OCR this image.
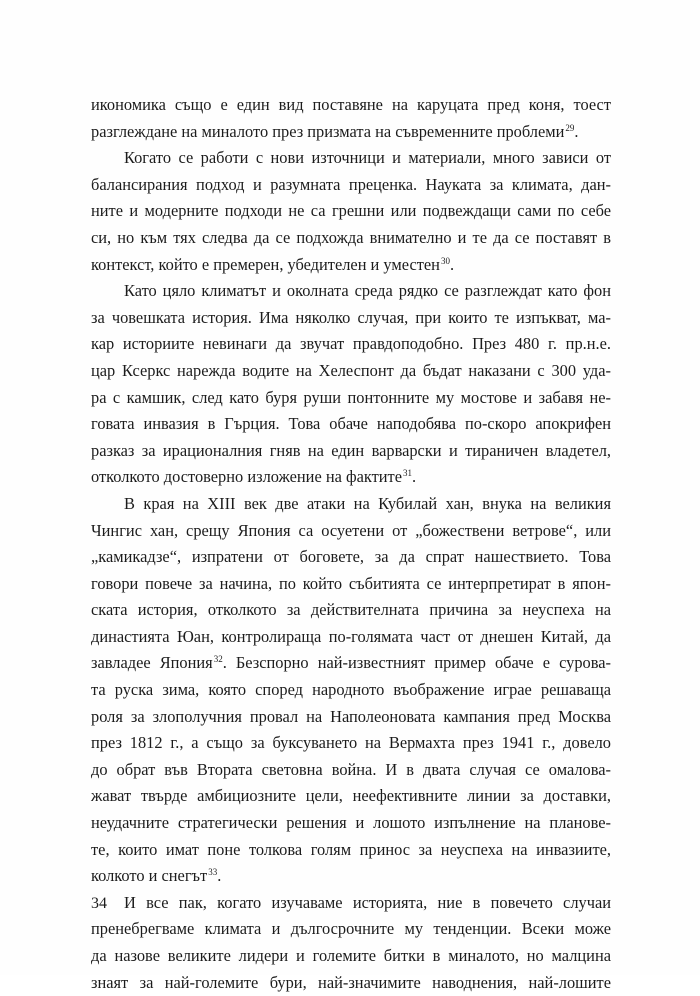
икономика също е един вид поставяне на каруцата пред коня, тоест
разглеждане на миналото през призмата на съвременните проблеми$^{29}$.
Когато се работи с нови източници и материали, много зависи от
балансирания подход и разумната преценка. Науката за климата, дан-
ните и модерните подходи не са грешни или подвеждащи сами по себе
си, но към тях следва да се подхожда внимателно и те да се поставят в
контекст, който е премерен, убедителен и уместен$^{30}$.
Като цяло климатът и околната среда рядко се разглеждат като фон
за човешката история. Има няколко случая, при които те изпъкват, ма-
кар историите невинаги да звучат правдоподобно. През 480 г. пр.н.е.
цар Ксеркс нарежда водите на Хелеспонт да бъдат наказани с 300 уда-
ра с камшик, след като буря руши понтонните му мостове и забавя не-
говата инвазия в Гърция. Това обаче наподобява по-скоро апокрифен
разказ за ирационалния гняв на един варварски и тираничен владетел,
отколкото достоверно изложение на фактите$^{31}$.
В края на XIII век две атаки на Кубилай хан, внука на великия
Чингис хан, срещу Япония са осуетени от „божествени ветрове“, или
„камикадзе“, изпратени от боговете, за да спрат нашествието. Това
говори повече за начина, по който събитията се интерпретират в япон-
ската история, отколкото за действителната причина за неуспеха на
династията Юан, контролираща по-голямата част от днешен Китай, да
завладее Япония$^{32}$. Безспорно най-известният пример обаче е сурова-
та руска зима, която според народното въображение играе решаваща
роля за злополучния провал на Наполеоновата кампания пред Москва
през 1812 г., а също за буксуването на Вермахта през 1941 г., довело
до обрат във Втората световна война. И в двата случая се омалова-
жават твърде амбициозните цели, неефективните линии за доставки,
неудачните стратегически решения и лошото изпълнение на планове-
те, които имат поне толкова голям принос за неуспеха на инвазиите,
колкото и снегът$^{33}$.
И все пак, когато изучаваме историята, ние в повечето случаи
пренебрегваме климата и дългосрочните му тенденции. Всеки може
да назове великите лидери и големите битки в миналото, но малцина
знаят за най-големите бури, най-значимите наводнения, най-лошите
34
